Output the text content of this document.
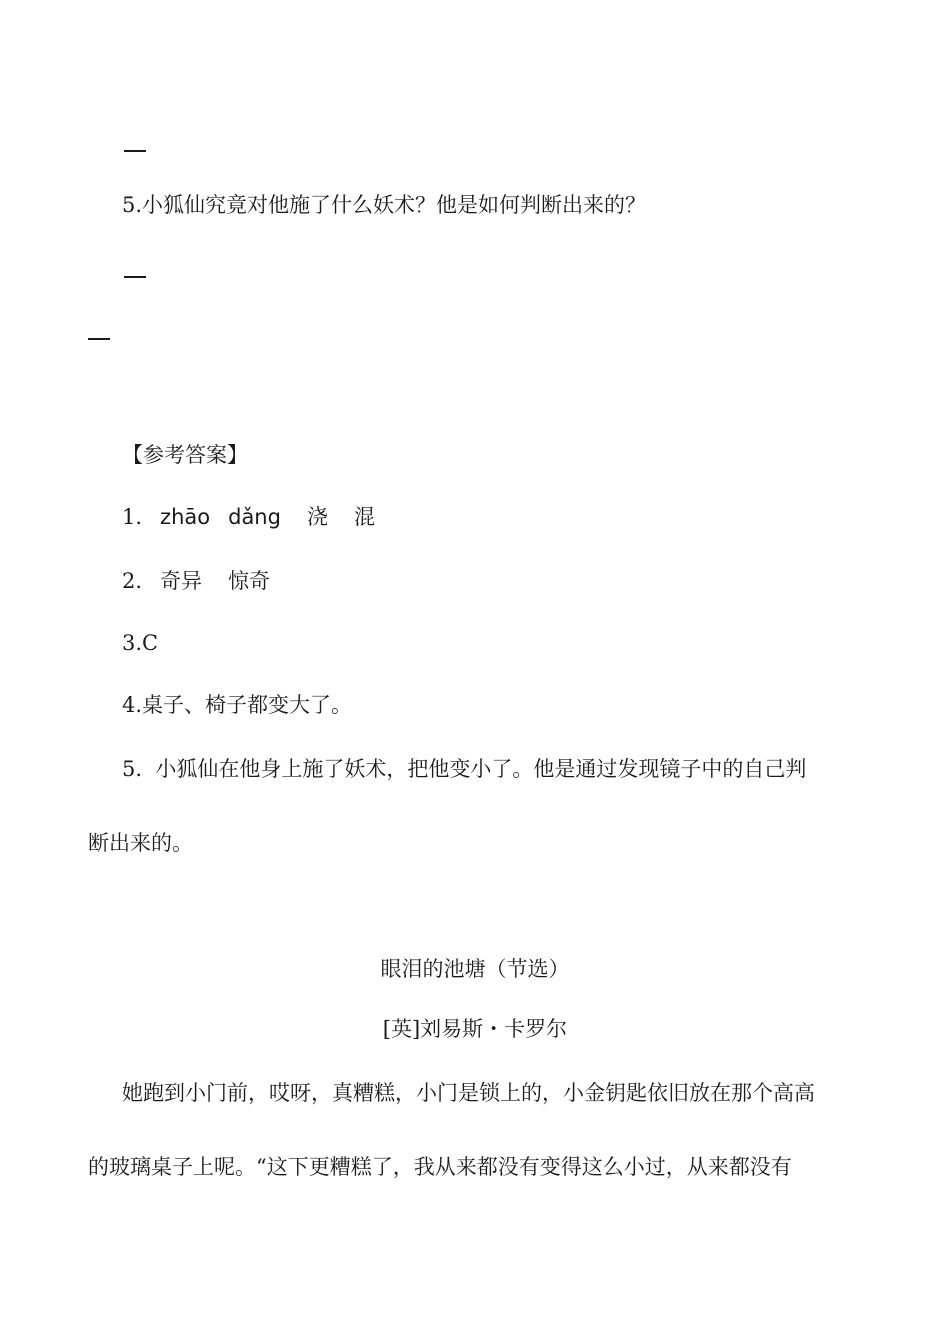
5.小狐仙究竟对他施了什么妖术？他是如何判断出来的？
【参考答案】
1. zhāo dǎng 浇 混
2. 奇异 惊奇
3.C
4.桌子、椅子都变大了。
5.  小狐仙在他身上施了妖术，把他变小了。他是通过发现镜子中的自己判
断出来的。
眼泪的池塘（节选）
[英]刘易斯・卡罗尔
她跑到小门前，哎呀，真糟糕，小门是锁上的，小金钥匙依旧放在那个高高
的玻璃桌子上呢。“这下更糟糕了，我从来都没有变得这么小过，从来都没有
